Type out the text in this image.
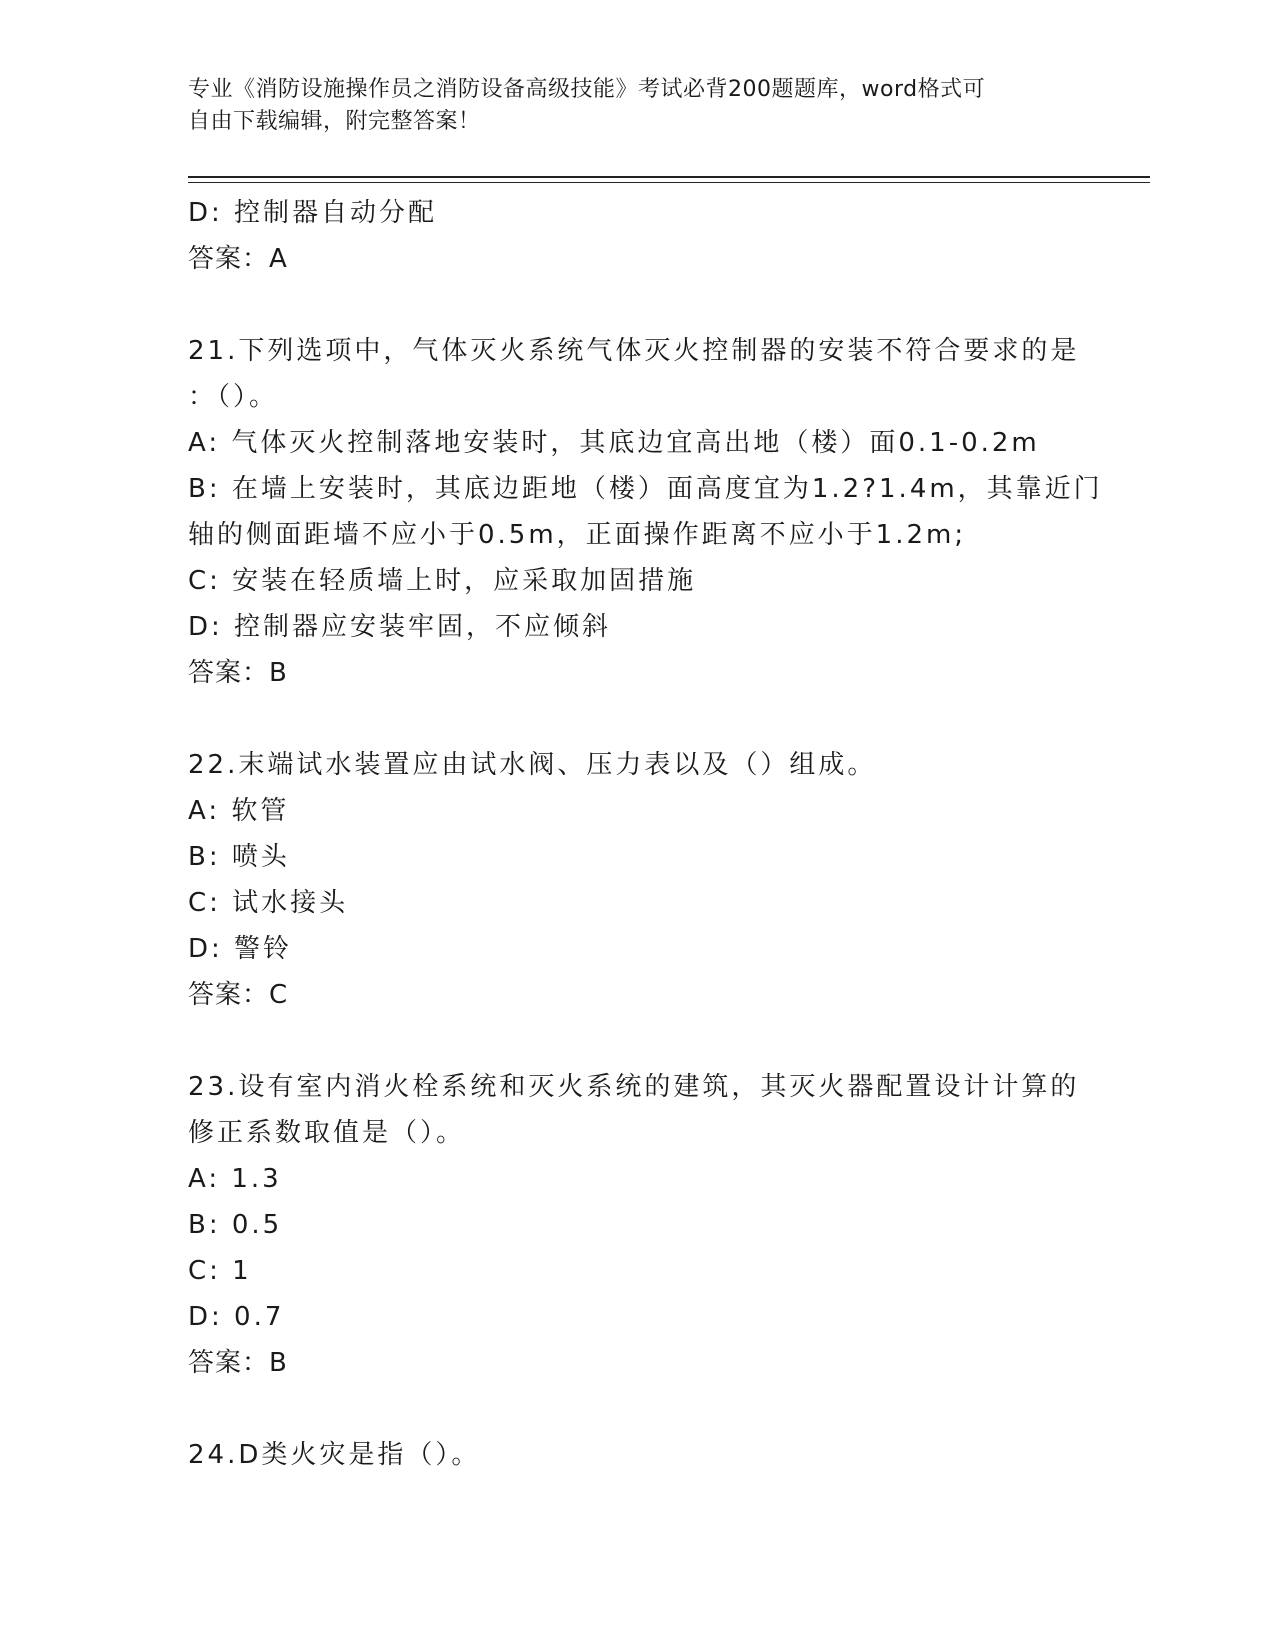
专业《消防设施操作员之消防设备高级技能》考试必背200题题库，word格式可
自由下载编辑，附完整答案！
D: 控制器自动分配
答案：A
21.下列选项中，气体灭火系统气体灭火控制器的安装不符合要求的是
：（）。
A: 气体灭火控制落地安装时，其底边宜高出地（楼）面0.1-0.2m
B: 在墙上安装时，其底边距地（楼）面高度宜为1.2?1.4m，其靠近门
轴的侧面距墙不应小于0.5m，正面操作距离不应小于1.2m;
C: 安装在轻质墙上时，应采取加固措施
D: 控制器应安装牢固，不应倾斜
答案：B
22.末端试水装置应由试水阀、压力表以及（）组成。
A: 软管
B: 喷头
C: 试水接头
D: 警铃
答案：C
23.设有室内消火栓系统和灭火系统的建筑，其灭火器配置设计计算的
修正系数取值是（）。
A: 1.3
B: 0.5
C: 1
D: 0.7
答案：B
24.D类火灾是指（）。
